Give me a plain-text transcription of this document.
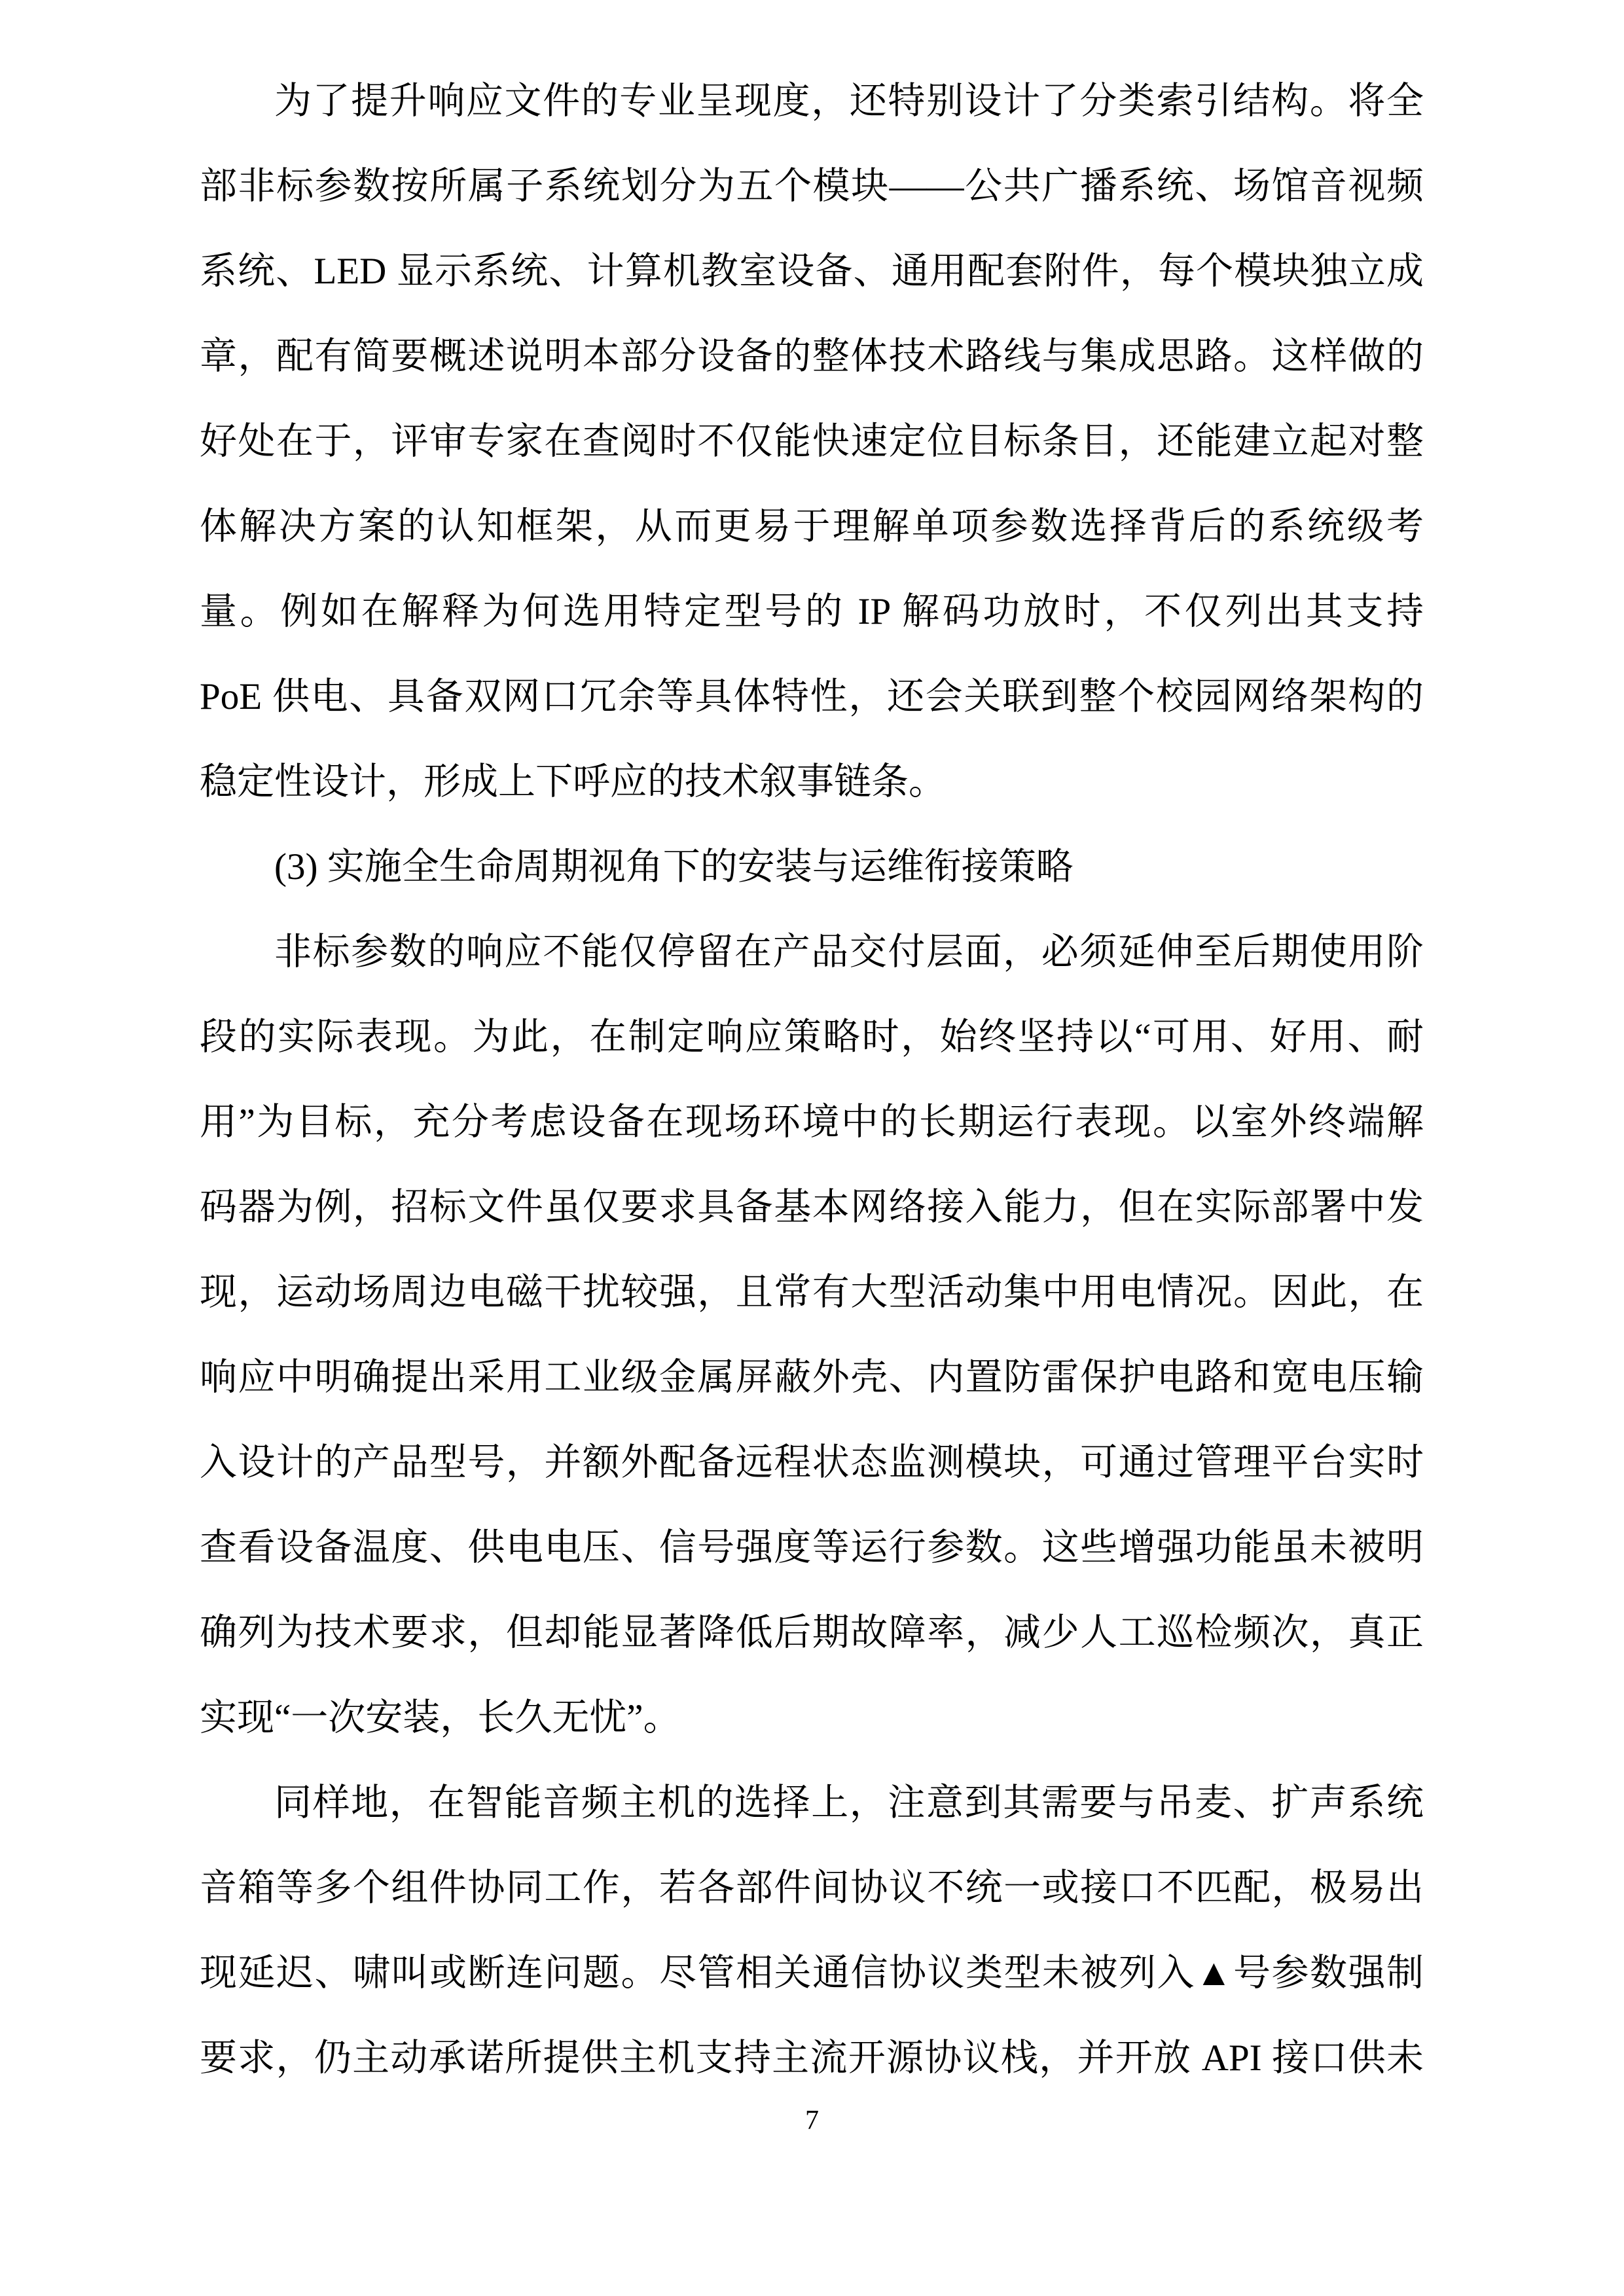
为了提升响应文件的专业呈现度，还特别设计了分类索引结构。将全
部非标参数按所属子系统划分为五个模块——公共广播系统、场馆音视频
系统、LED 显示系统、计算机教室设备、通用配套附件，每个模块独立成
章，配有简要概述说明本部分设备的整体技术路线与集成思路。这样做的
好处在于，评审专家在查阅时不仅能快速定位目标条目，还能建立起对整
体解决方案的认知框架，从而更易于理解单项参数选择背后的系统级考
量。例如在解释为何选用特定型号的 IP 解码功放时，不仅列出其支持
PoE 供电、具备双网口冗余等具体特性，还会关联到整个校园网络架构的
稳定性设计，形成上下呼应的技术叙事链条。
(3) 实施全生命周期视角下的安装与运维衔接策略
非标参数的响应不能仅停留在产品交付层面，必须延伸至后期使用阶
段的实际表现。为此，在制定响应策略时，始终坚持以“可用、好用、耐
用”为目标，充分考虑设备在现场环境中的长期运行表现。以室外终端解
码器为例，招标文件虽仅要求具备基本网络接入能力，但在实际部署中发
现，运动场周边电磁干扰较强，且常有大型活动集中用电情况。因此，在
响应中明确提出采用工业级金属屏蔽外壳、内置防雷保护电路和宽电压输
入设计的产品型号，并额外配备远程状态监测模块，可通过管理平台实时
查看设备温度、供电电压、信号强度等运行参数。这些增强功能虽未被明
确列为技术要求，但却能显著降低后期故障率，减少人工巡检频次，真正
实现“一次安装，长久无忧”。
同样地，在智能音频主机的选择上，注意到其需要与吊麦、扩声系统
音箱等多个组件协同工作，若各部件间协议不统一或接口不匹配，极易出
现延迟、啸叫或断连问题。尽管相关通信协议类型未被列入▲号参数强制
要求，仍主动承诺所提供主机支持主流开源协议栈，并开放 API 接口供未
7
